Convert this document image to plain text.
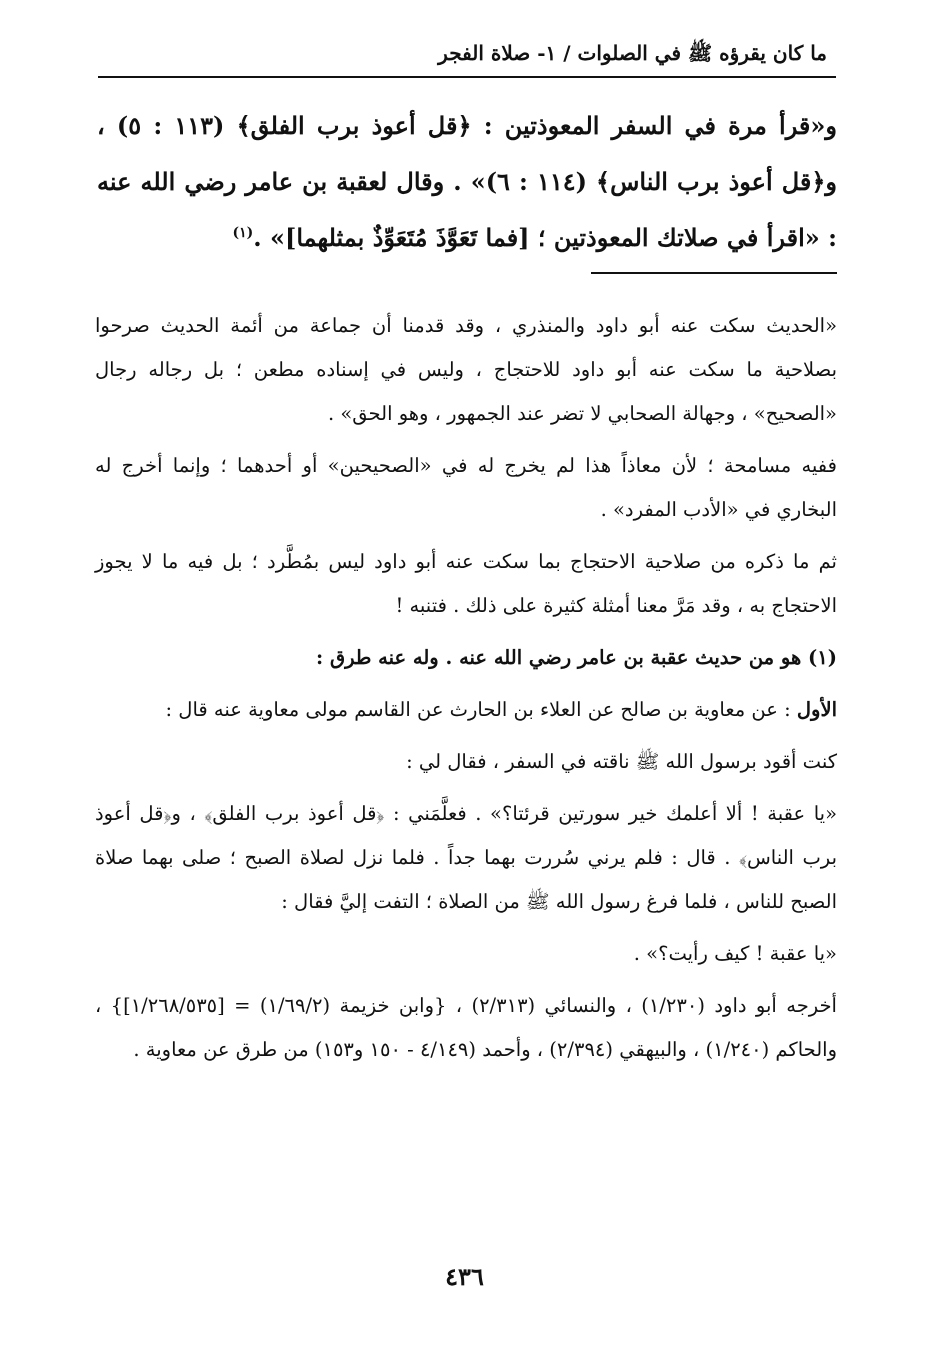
ما كان يقرؤه ﷺ في الصلوات / ١- صلاة الفجر

و«قرأ مرة في السفر المعوذتين : ﴿قل أعوذ برب الفلق﴾ (١١٣ : ٥) ، و﴿قل أعوذ برب الناس﴾ (١١٤ : ٦)» . وقال لعقبة بن عامر رضي الله عنه : «اقرأ في صلاتك المعوذتين ؛ [فما تَعَوَّذَ مُتَعَوِّذٌ بمثلهما]» .$^{(١)}$

«الحديث سكت عنه أبو داود والمنذري ، وقد قدمنا أن جماعة من أئمة الحديث صرحوا بصلاحية ما سكت عنه أبو داود للاحتجاج ، وليس في إسناده مطعن ؛ بل رجاله رجال «الصحيح» ، وجهالة الصحابي لا تضر عند الجمهور ، وهو الحق» .

ففيه مسامحة ؛ لأن معاذاً هذا لم يخرج له في «الصحيحين» أو أحدهما ؛ وإنما أخرج له البخاري في «الأدب المفرد» .

ثم ما ذكره من صلاحية الاحتجاج بما سكت عنه أبو داود ليس بمُطَّرد ؛ بل فيه ما لا يجوز الاحتجاج به ، وقد مَرَّ معنا أمثلة كثيرة على ذلك . فتنبه !

(١) هو من حديث عقبة بن عامر رضي الله عنه . وله عنه طرق :

الأول : عن معاوية بن صالح عن العلاء بن الحارث عن القاسم مولى معاوية عنه قال :

كنت أقود برسول الله ﷺ ناقته في السفر ، فقال لي :

«يا عقبة ! ألا أعلمك خير سورتين قرئتا؟» . فعلَّمَني : ﴿قل أعوذ برب الفلق﴾ ، و﴿قل أعوذ برب الناس﴾ . قال : فلم يرني سُررت بهما جداً . فلما نزل لصلاة الصبح ؛ صلى بهما صلاة الصبح للناس ، فلما فرغ رسول الله ﷺ من الصلاة ؛ التفت إليَّ فقال :

«يا عقبة ! كيف رأيت؟» .

أخرجه أبو داود (١/٢٣٠) ، والنسائي (٢/٣١٣) ، {وابن خزيمة (١/٦٩/٢) = [١/٢٦٨/٥٣٥]} ، والحاكم (١/٢٤٠) ، والبيهقي (٢/٣٩٤) ، وأحمد (٤/١٤٩ - ١٥٠ و١٥٣) من طرق عن معاوية .

٤٣٦
